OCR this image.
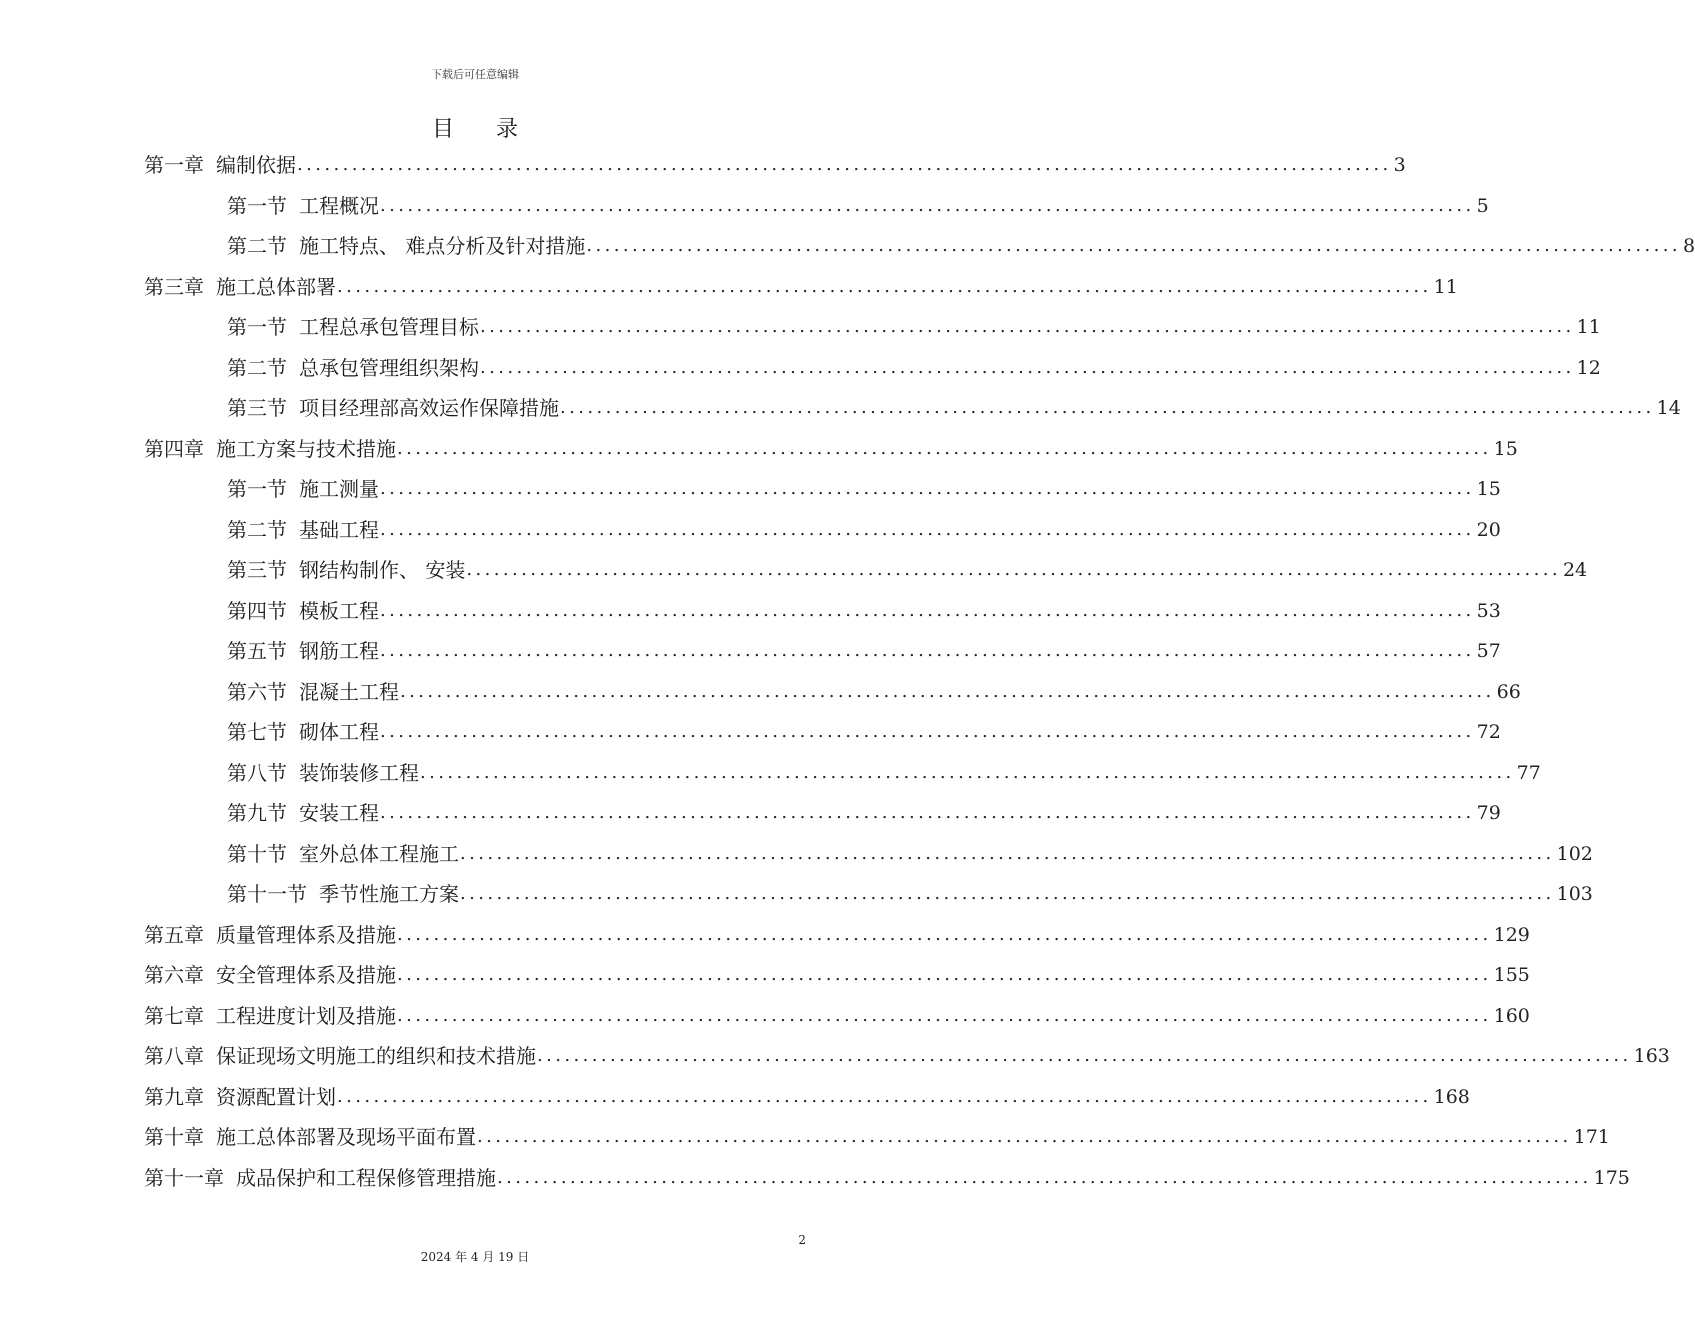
下载后可任意编辑
目录
第一章 编制依据 ........................................................................................................................ 3
第一节 工程概况 ........................................................................................................................ 5
第二节 施工特点、 难点分析及针对措施 ........................................................................................................................ 8
第三章 施工总体部署 ........................................................................................................................ 11
第一节 工程总承包管理目标 ........................................................................................................................ 11
第二节 总承包管理组织架构 ........................................................................................................................ 12
第三节 项目经理部高效运作保障措施 ........................................................................................................................ 14
第四章 施工方案与技术措施 ........................................................................................................................ 15
第一节 施工测量 ........................................................................................................................ 15
第二节 基础工程 ........................................................................................................................ 20
第三节 钢结构制作、 安装 ........................................................................................................................ 24
第四节 模板工程 ........................................................................................................................ 53
第五节 钢筋工程 ........................................................................................................................ 57
第六节 混凝土工程 ........................................................................................................................ 66
第七节 砌体工程 ........................................................................................................................ 72
第八节 装饰装修工程 ........................................................................................................................ 77
第九节 安装工程 ........................................................................................................................ 79
第十节 室外总体工程施工 ........................................................................................................................ 102
第十一节 季节性施工方案 ........................................................................................................................ 103
第五章 质量管理体系及措施 ........................................................................................................................ 129
第六章 安全管理体系及措施 ........................................................................................................................ 155
第七章 工程进度计划及措施 ........................................................................................................................ 160
第八章 保证现场文明施工的组织和技术措施 ........................................................................................................................ 163
第九章 资源配置计划 ........................................................................................................................ 168
第十章 施工总体部署及现场平面布置 ........................................................................................................................ 171
第十一章 成品保护和工程保修管理措施 ........................................................................................................................ 175
2
2024 年 4 月 19 日
